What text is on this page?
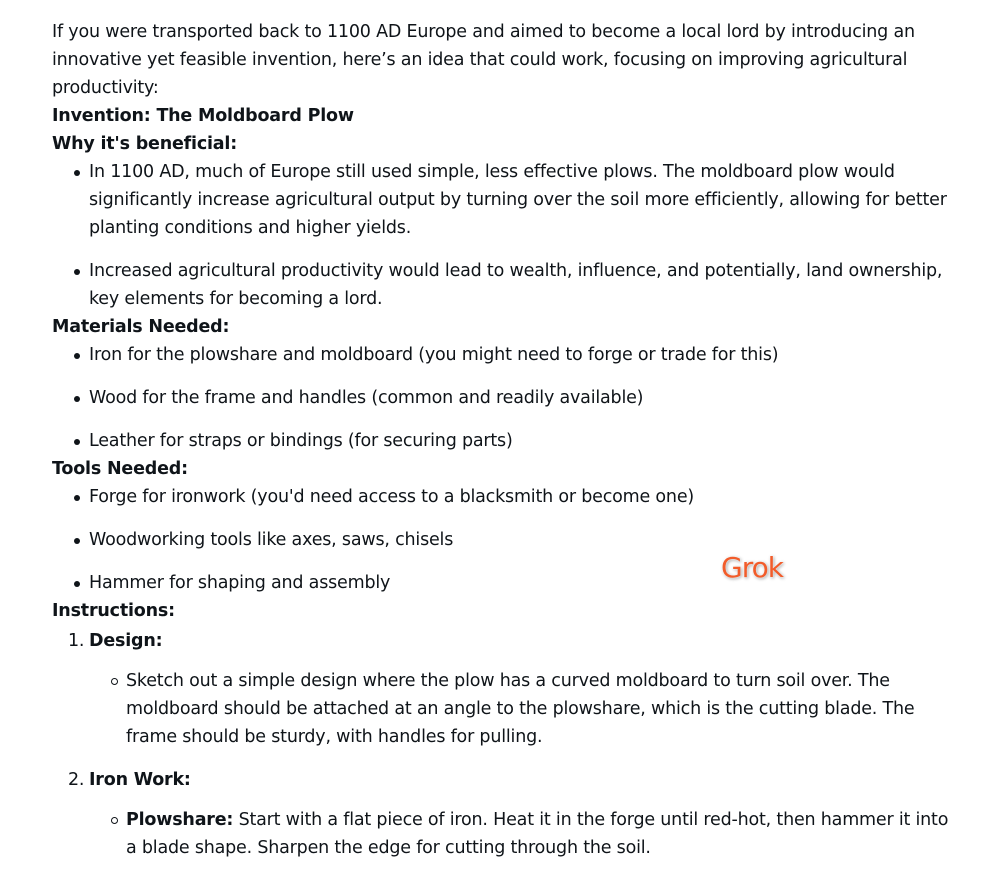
If you were transported back to 1100 AD Europe and aimed to become a local lord by introducing an innovative yet feasible invention, here’s an idea that could work, focusing on improving agricultural productivity:

Invention: The Moldboard Plow

Why it's beneficial:

In 1100 AD, much of Europe still used simple, less effective plows. The moldboard plow would significantly increase agricultural output by turning over the soil more efficiently, allowing for better planting conditions and higher yields.
Increased agricultural productivity would lead to wealth, influence, and potentially, land ownership, key elements for becoming a lord.

Materials Needed:

Iron for the plowshare and moldboard (you might need to forge or trade for this)
Wood for the frame and handles (common and readily available)
Leather for straps or bindings (for securing parts)

Tools Needed:

Forge for ironwork (you'd need access to a blacksmith or become one)
Woodworking tools like axes, saws, chisels
Hammer for shaping and assembly

Instructions:

1. Design:
Sketch out a simple design where the plow has a curved moldboard to turn soil over. The moldboard should be attached at an angle to the plowshare, which is the cutting blade. The frame should be sturdy, with handles for pulling.
2. Iron Work:
Plowshare: Start with a flat piece of iron. Heat it in the forge until red-hot, then hammer it into a blade shape. Sharpen the edge for cutting through the soil.
Grok
